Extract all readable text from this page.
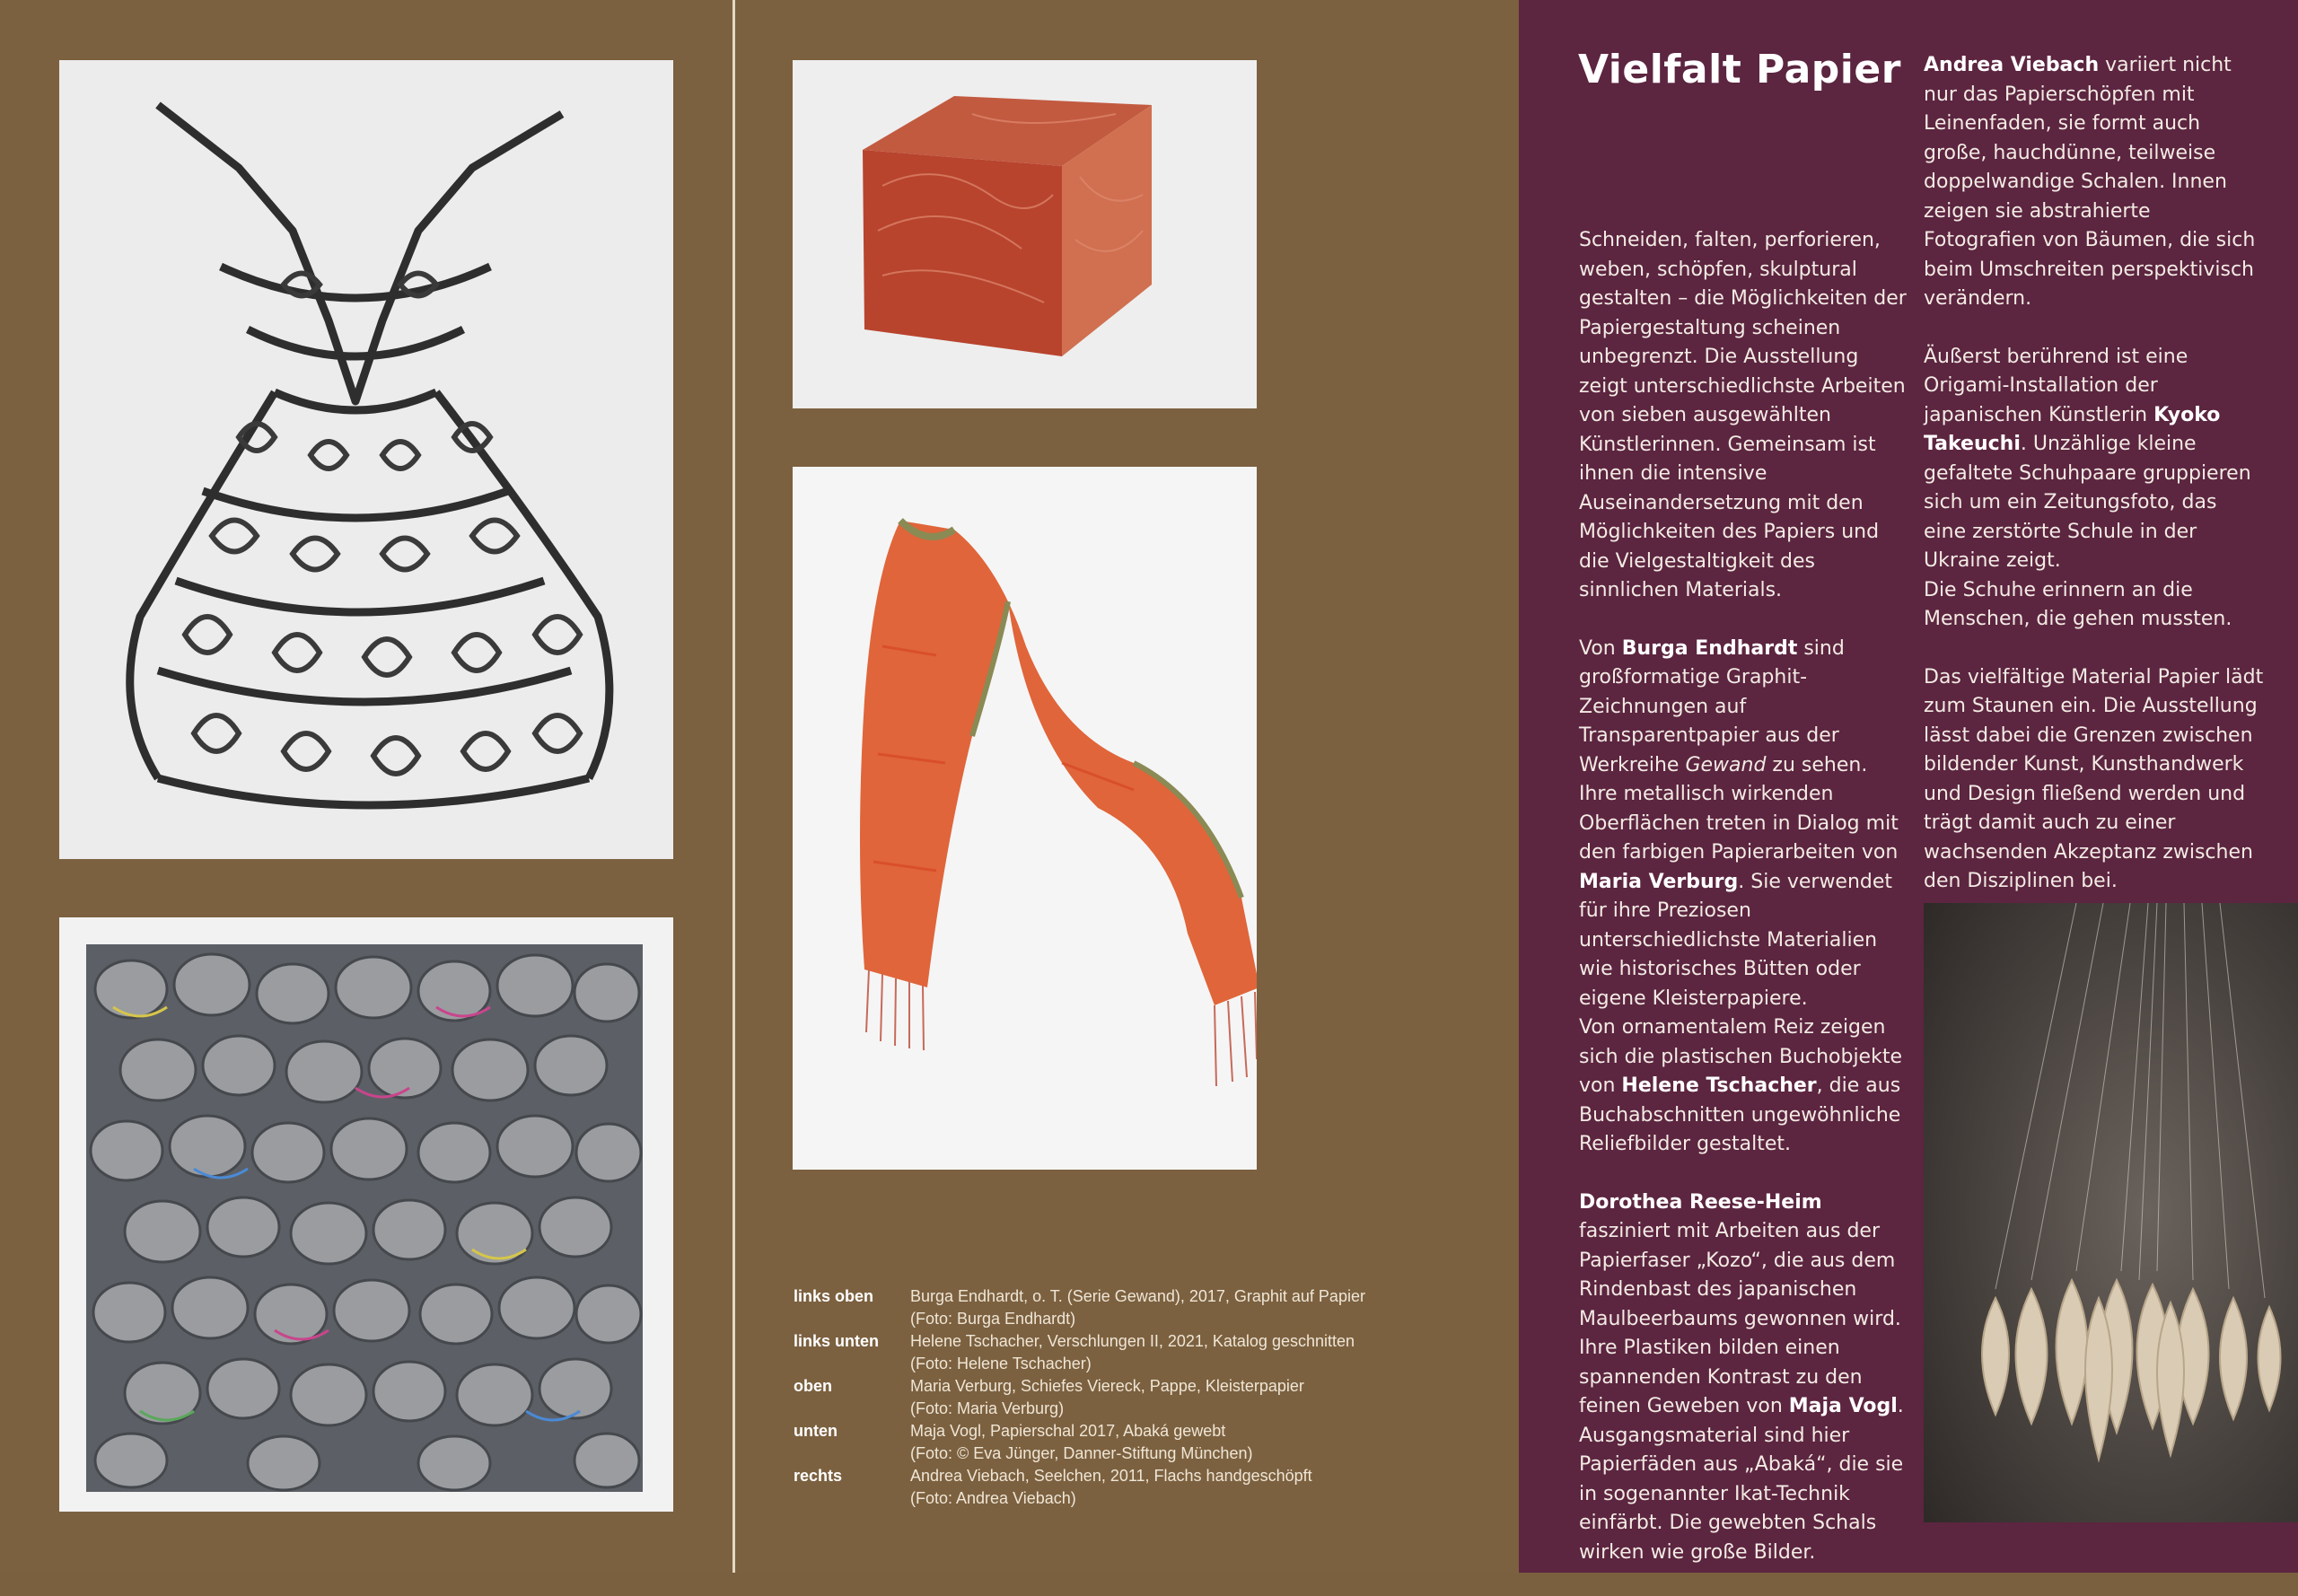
links oben	Burga Endhardt, o. T. (Serie Gewand), 2017, Graphit auf Papier
(Foto: Burga Endhardt)
links unten	Helene Tschacher, Verschlungen II, 2021, Katalog geschnitten
(Foto: Helene Tschacher)
oben	Maria Verburg, Schiefes Viereck, Pappe, Kleisterpapier
(Foto: Maria Verburg)
unten	Maja Vogl, Papierschal 2017, Abaká gewebt
(Foto: © Eva Jünger, Danner-Stiftung München)
rechts	Andrea Viebach, Seelchen, 2011, Flachs handgeschöpft
(Foto: Andrea Viebach)
Vielfalt Papier

Schneiden, falten, perforieren, weben, schöpfen, skulptural gestalten – die Möglichkeiten der Papiergestaltung scheinen unbegrenzt. Die Ausstellung zeigt unterschiedlichste Arbeiten von sieben ausgewählten Künstlerinnen. Gemeinsam ist ihnen die intensive Auseinandersetzung mit den Möglichkeiten des Papiers und die Vielgestaltigkeit des sinnlichen Materials.

Von Burga Endhardt sind großformatige Graphit-Zeichnungen auf Transparentpapier aus der Werkreihe Gewand zu sehen. Ihre metallisch wirkenden Oberflächen treten in Dialog mit den farbigen Papierarbeiten von Maria Verburg. Sie verwendet für ihre Preziosen unterschiedlichste Materialien wie historisches Bütten oder eigene Kleisterpapiere.

Von ornamentalem Reiz zeigen sich die plastischen Buchobjekte von Helene Tschacher, die aus Buchabschnitten ungewöhnliche Reliefbilder gestaltet.

Dorothea Reese-Heim fasziniert mit Arbeiten aus der Papierfaser „Kozo“, die aus dem Rindenbast des japanischen Maulbeerbaums gewonnen wird.

Ihre Plastiken bilden einen spannenden Kontrast zu den feinen Geweben von Maja Vogl. Ausgangsmaterial sind hier Papierfäden aus „Abaká“, die sie in sogenannter Ikat-Technik einfärbt. Die gewebten Schals wirken wie große Bilder.

Andrea Viebach variiert nicht nur das Papierschöpfen mit Leinenfaden, sie formt auch große, hauchdünne, teilweise doppelwandige Schalen. Innen zeigen sie abstrahierte Fotografien von Bäumen, die sich beim Umschreiten perspektivisch verändern.

Äußerst berührend ist eine Origami-Installation der japanischen Künstlerin Kyoko Takeuchi. Unzählige kleine gefaltete Schuhpaare gruppieren sich um ein Zeitungsfoto, das eine zerstörte Schule in der Ukraine zeigt.

Die Schuhe erinnern an die Menschen, die gehen mussten.

Das vielfältige Material Papier lädt zum Staunen ein. Die Ausstellung lässt dabei die Grenzen zwischen bildender Kunst, Kunsthandwerk und Design fließend werden und trägt damit auch zu einer wachsenden Akzeptanz zwischen den Disziplinen bei.
